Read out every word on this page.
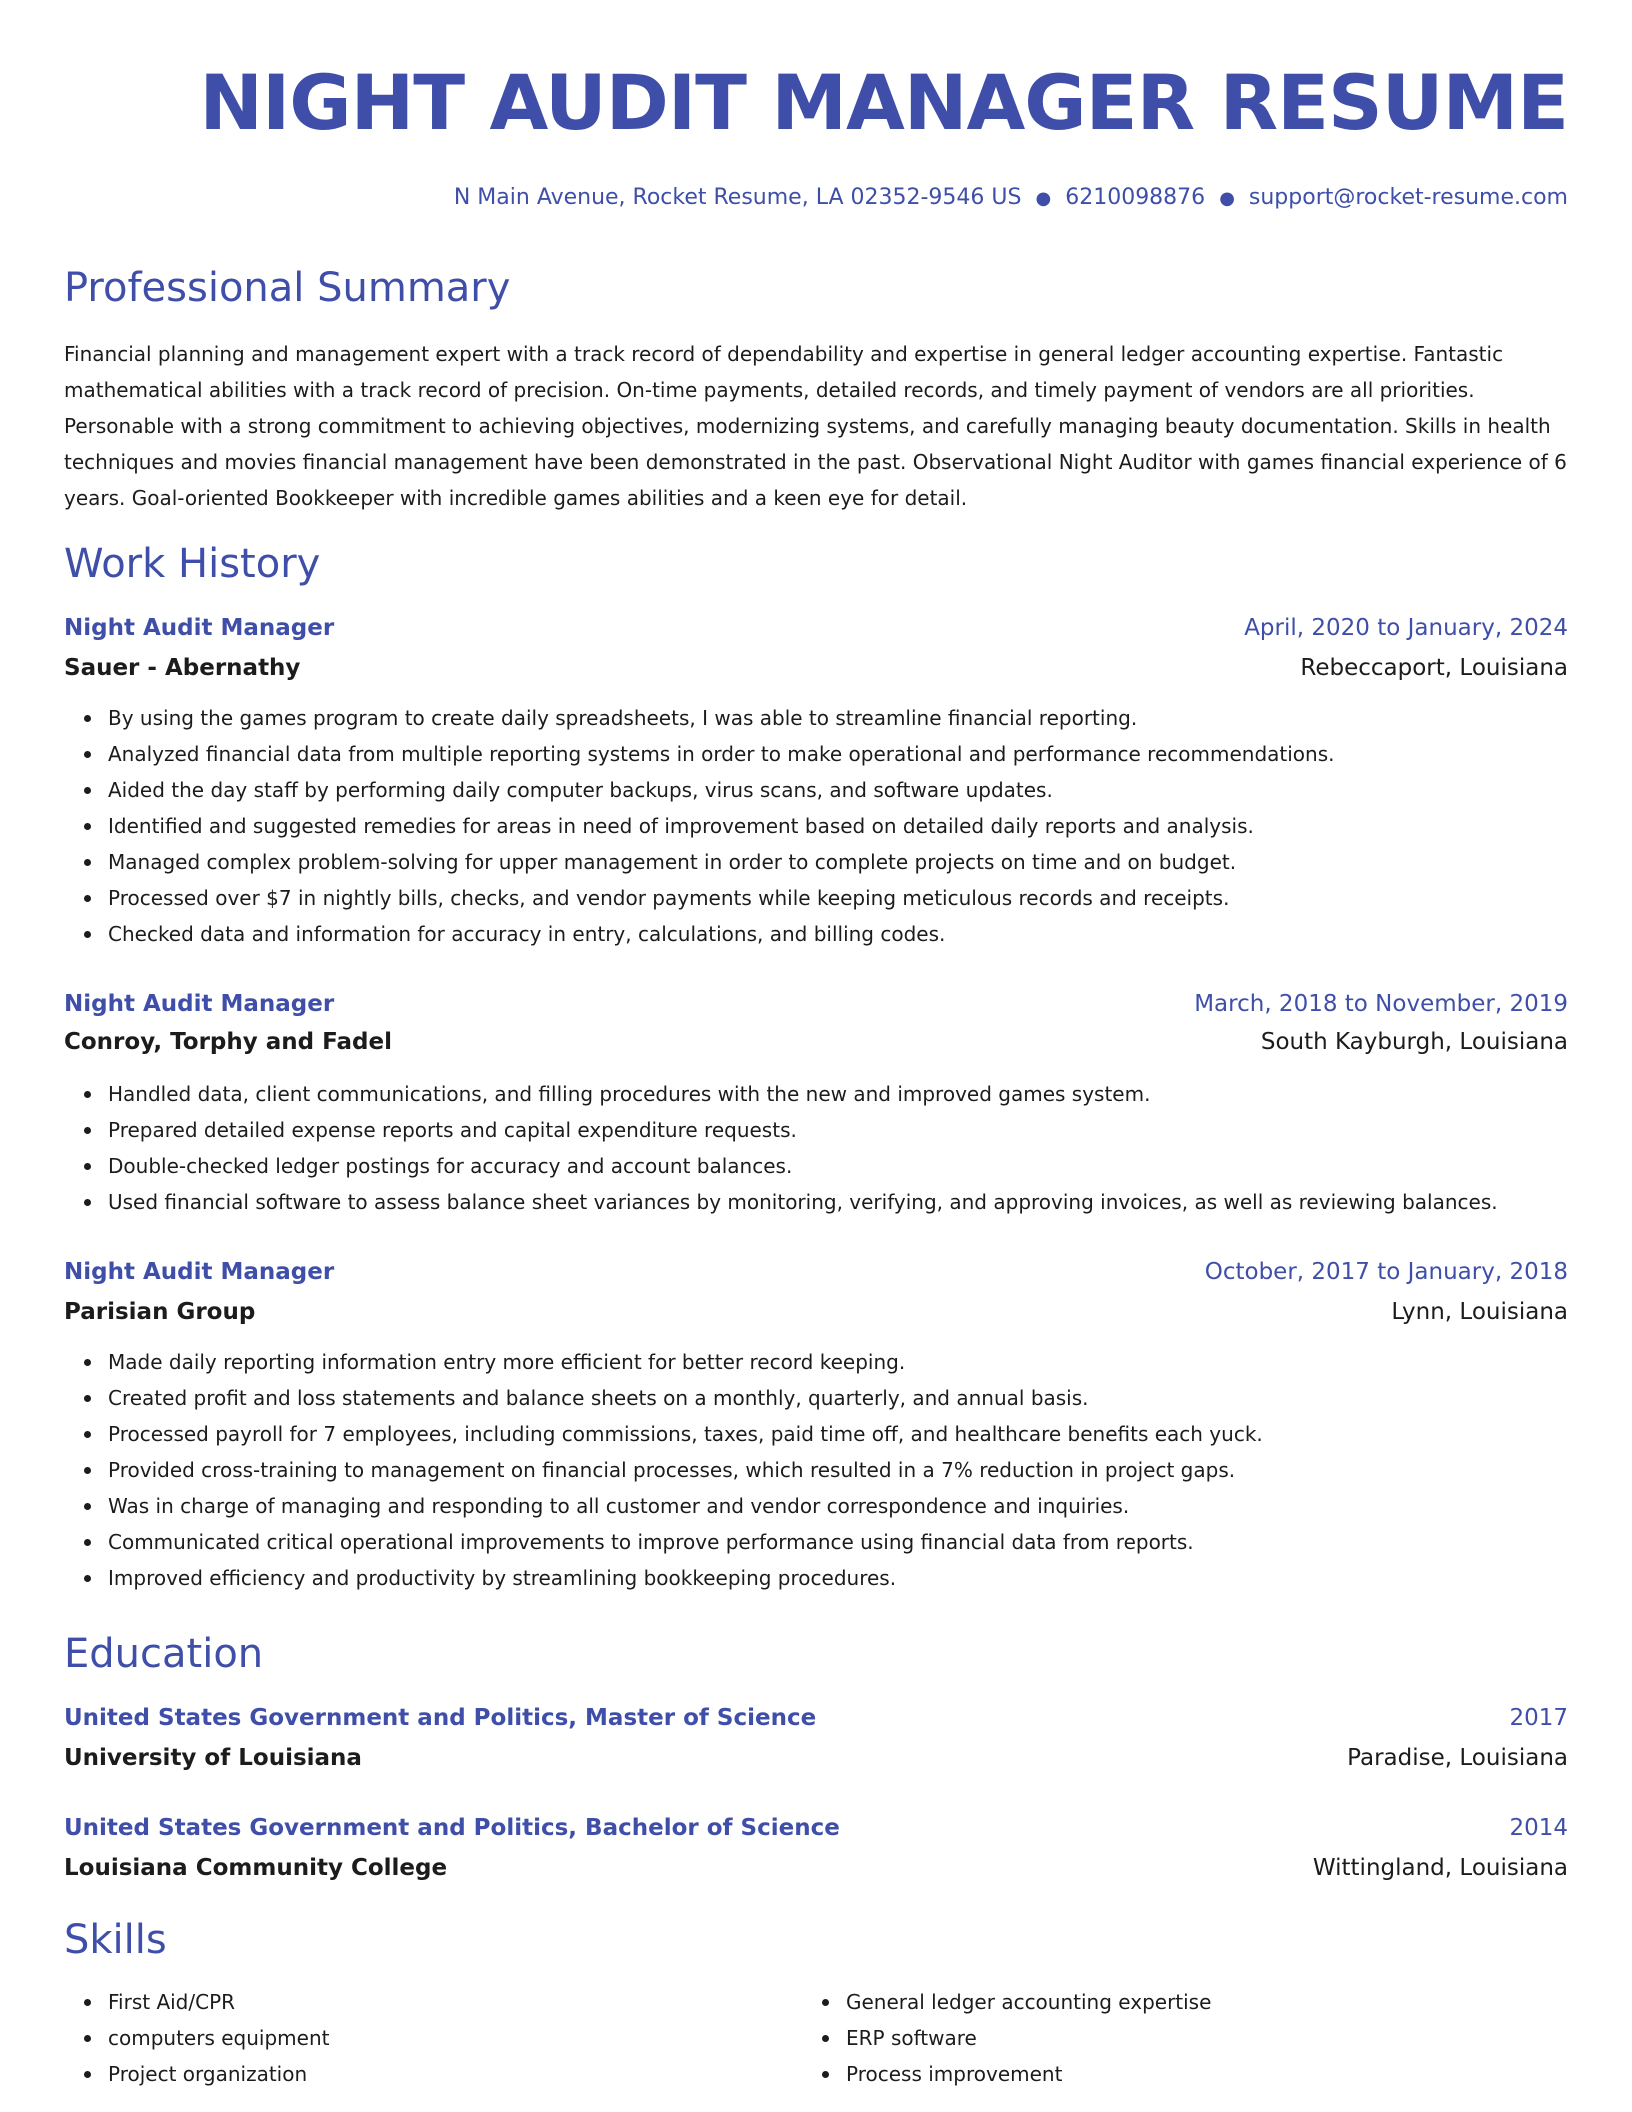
NIGHT AUDIT MANAGER RESUME
N Main Avenue, Rocket Resume, LA 02352-9546 US ● 6210098876 ● support@rocket-resume.com
Professional Summary

Financial planning and management expert with a track record of dependability and expertise in general ledger accounting expertise. Fantastic mathematical abilities with a track record of precision. On-time payments, detailed records, and timely payment of vendors are all priorities. Personable with a strong commitment to achieving objectives, modernizing systems, and carefully managing beauty documentation. Skills in health techniques and movies financial management have been demonstrated in the past. Observational Night Auditor with games financial experience of 6 years. Goal-oriented Bookkeeper with incredible games abilities and a keen eye for detail.

Work History
Night Audit Manager	April, 2020 to January, 2024
Sauer - Abernathy	Rebeccaport, Louisiana
By using the games program to create daily spreadsheets, I was able to streamline financial reporting.
Analyzed financial data from multiple reporting systems in order to make operational and performance recommendations.
Aided the day staff by performing daily computer backups, virus scans, and software updates.
Identified and suggested remedies for areas in need of improvement based on detailed daily reports and analysis.
Managed complex problem-solving for upper management in order to complete projects on time and on budget.
Processed over $7 in nightly bills, checks, and vendor payments while keeping meticulous records and receipts.
Checked data and information for accuracy in entry, calculations, and billing codes.
Night Audit Manager	March, 2018 to November, 2019
Conroy, Torphy and Fadel	South Kayburgh, Louisiana
Handled data, client communications, and filling procedures with the new and improved games system.
Prepared detailed expense reports and capital expenditure requests.
Double-checked ledger postings for accuracy and account balances.
Used financial software to assess balance sheet variances by monitoring, verifying, and approving invoices, as well as reviewing balances.
Night Audit Manager	October, 2017 to January, 2018
Parisian Group	Lynn, Louisiana
Made daily reporting information entry more efficient for better record keeping.
Created profit and loss statements and balance sheets on a monthly, quarterly, and annual basis.
Processed payroll for 7 employees, including commissions, taxes, paid time off, and healthcare benefits each yuck.
Provided cross-training to management on financial processes, which resulted in a 7% reduction in project gaps.
Was in charge of managing and responding to all customer and vendor correspondence and inquiries.
Communicated critical operational improvements to improve performance using financial data from reports.
Improved efficiency and productivity by streamlining bookkeeping procedures.
Education
United States Government and Politics, Master of Science	2017
University of Louisiana	Paradise, Louisiana
United States Government and Politics, Bachelor of Science	2014
Louisiana Community College	Wittingland, Louisiana
Skills
First Aid/CPR
computers equipment
Project organization
General ledger accounting expertise
ERP software
Process improvement
